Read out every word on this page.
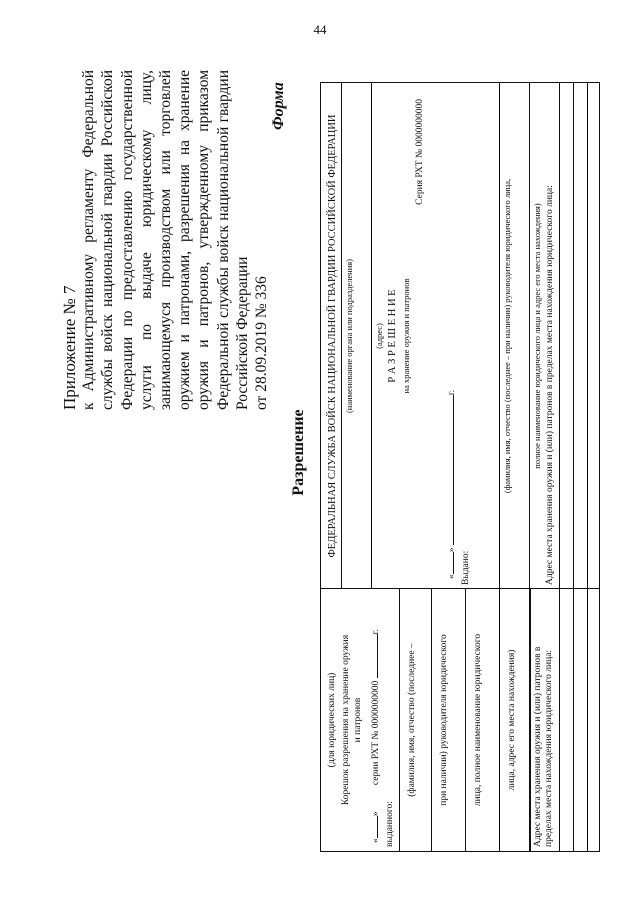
44
Приложение № 7 к Административному регламенту Федеральной службы войск национальной гвардии Российской Федерации по предоставлению государственной услуги по выдаче юридическому лицу, занимающемуся производством или торговлей оружием и патронами, разрешения на хранение оружия и патронов, утвержденному приказом Федеральной службы войск национальной гвардии Российской Федерации от 28.09.2019 № 336
Форма
Разрешение
(для юридических лиц) Корешок разрешения на хранение оружия и патронов
«» серии РХТ № 0000000000 г.
выданного:
(фамилия, имя, отчество (последнее – при наличии) руководителя юридического	лица, полное наименование юридического	лица, адрес его места нахождения) Адрес места хранения оружия и (или) патронов в пределах места нахождения юридического лица:
ФЕДЕРАЛЬНАЯ СЛУЖБА ВОЙСК НАЦИОНАЛЬНОЙ ГВАРДИИ РОССИЙСКОЙ ФЕДЕРАЦИИ (наименование органа или подразделения) (адрес) Р А З Р Е Ш Е Н И Е на хранение оружия и патронов
Серия РХТ № 0000000000
«» г.
Выдано:
(фамилия, имя, отчество (последнее – при наличии) руководителя юридического лица, полное наименование юридического лица и адрес его места нахождения) Адрес места хранения оружия и (или) патронов в пределах места нахождения юридического лица:
